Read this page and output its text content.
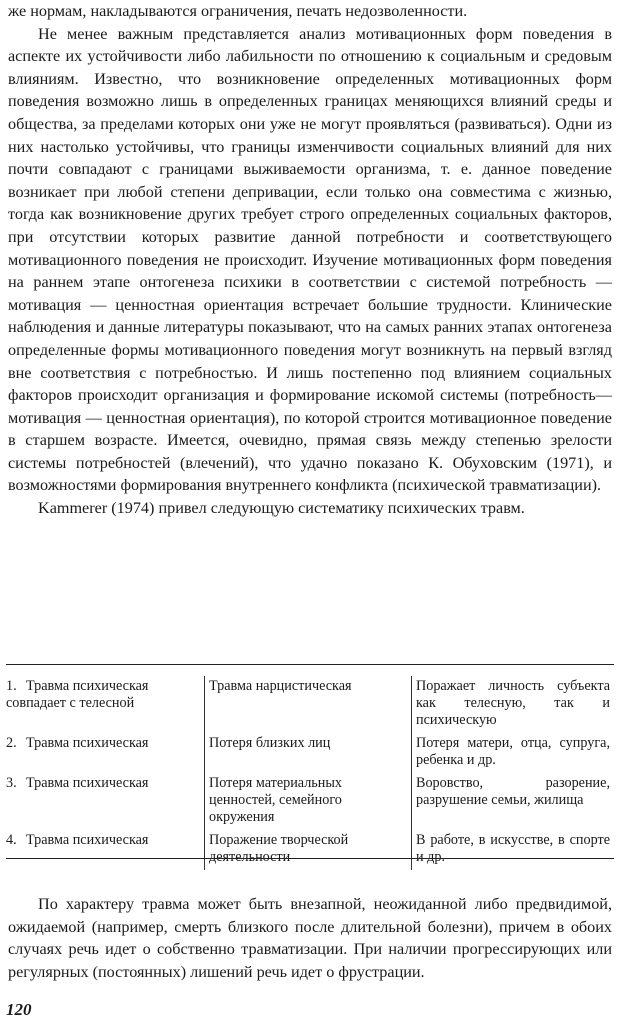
же нормам, накладываются ограничения, печать недозволенности.

Не менее важным представляется анализ мотивационных форм поведения в аспекте их устойчивости либо лабильности по отношению к социальным и средовым влияниям. Известно, что возникновение определенных мотивационных форм поведения возможно лишь в определенных границах меняющихся влияний среды и общества, за пределами которых они уже не могут проявляться (развиваться). Одни из них настолько устойчивы, что границы изменчивости социальных влияний для них почти совпадают с границами выживаемости организма, т. е. данное поведение возникает при любой степени депривации, если только она совместима с жизнью, тогда как возникновение других требует строго определенных социальных факторов, при отсутствии которых развитие данной потребности и соответствующего мотивационного поведения не происходит. Изучение мотивационных форм поведения на раннем этапе онтогенеза психики в соответствии с системой потребность — мотивация — ценностная ориентация встречает большие трудности. Клинические наблюдения и данные литературы показывают, что на самых ранних этапах онтогенеза определенные формы мотивационного поведения могут возникнуть на первый взгляд вне соответствия с потребностью. И лишь постепенно под влиянием социальных факторов происходит организация и формирование искомой системы (потребность— мотивация — ценностная ориентация), по которой строится мотивационное поведение в старшем возрасте. Имеется, очевидно, прямая связь между степенью зрелости системы потребностей (влечений), что удачно показано К. Обуховским (1971), и возможностями формирования внутреннего конфликта (психической травматизации).

Kammerer (1974) привел следующую систематику психических травм.

1. Травма психическая совпадает с телесной	Травма нарцистическая	Поражает личность субъекта как телесную, так и психическую
2. Травма психическая	Потеря близких лиц	Потеря матери, отца, супруга, ребенка и др.
3. Травма психическая	Потеря материальных ценностей, семейного окружения	Воровство, разорение, разрушение семьи, жилища
4. Травма психическая	Поражение творческой деятельности	В работе, в искусстве, в спорте и др.

По характеру травма может быть внезапной, неожиданной либо предвидимой, ожидаемой (например, смерть близкого после длительной болезни), причем в обоих случаях речь идет о собственно травматизации. При наличии прогрессирующих или регулярных (постоянных) лишений речь идет о фрустрации.

120
